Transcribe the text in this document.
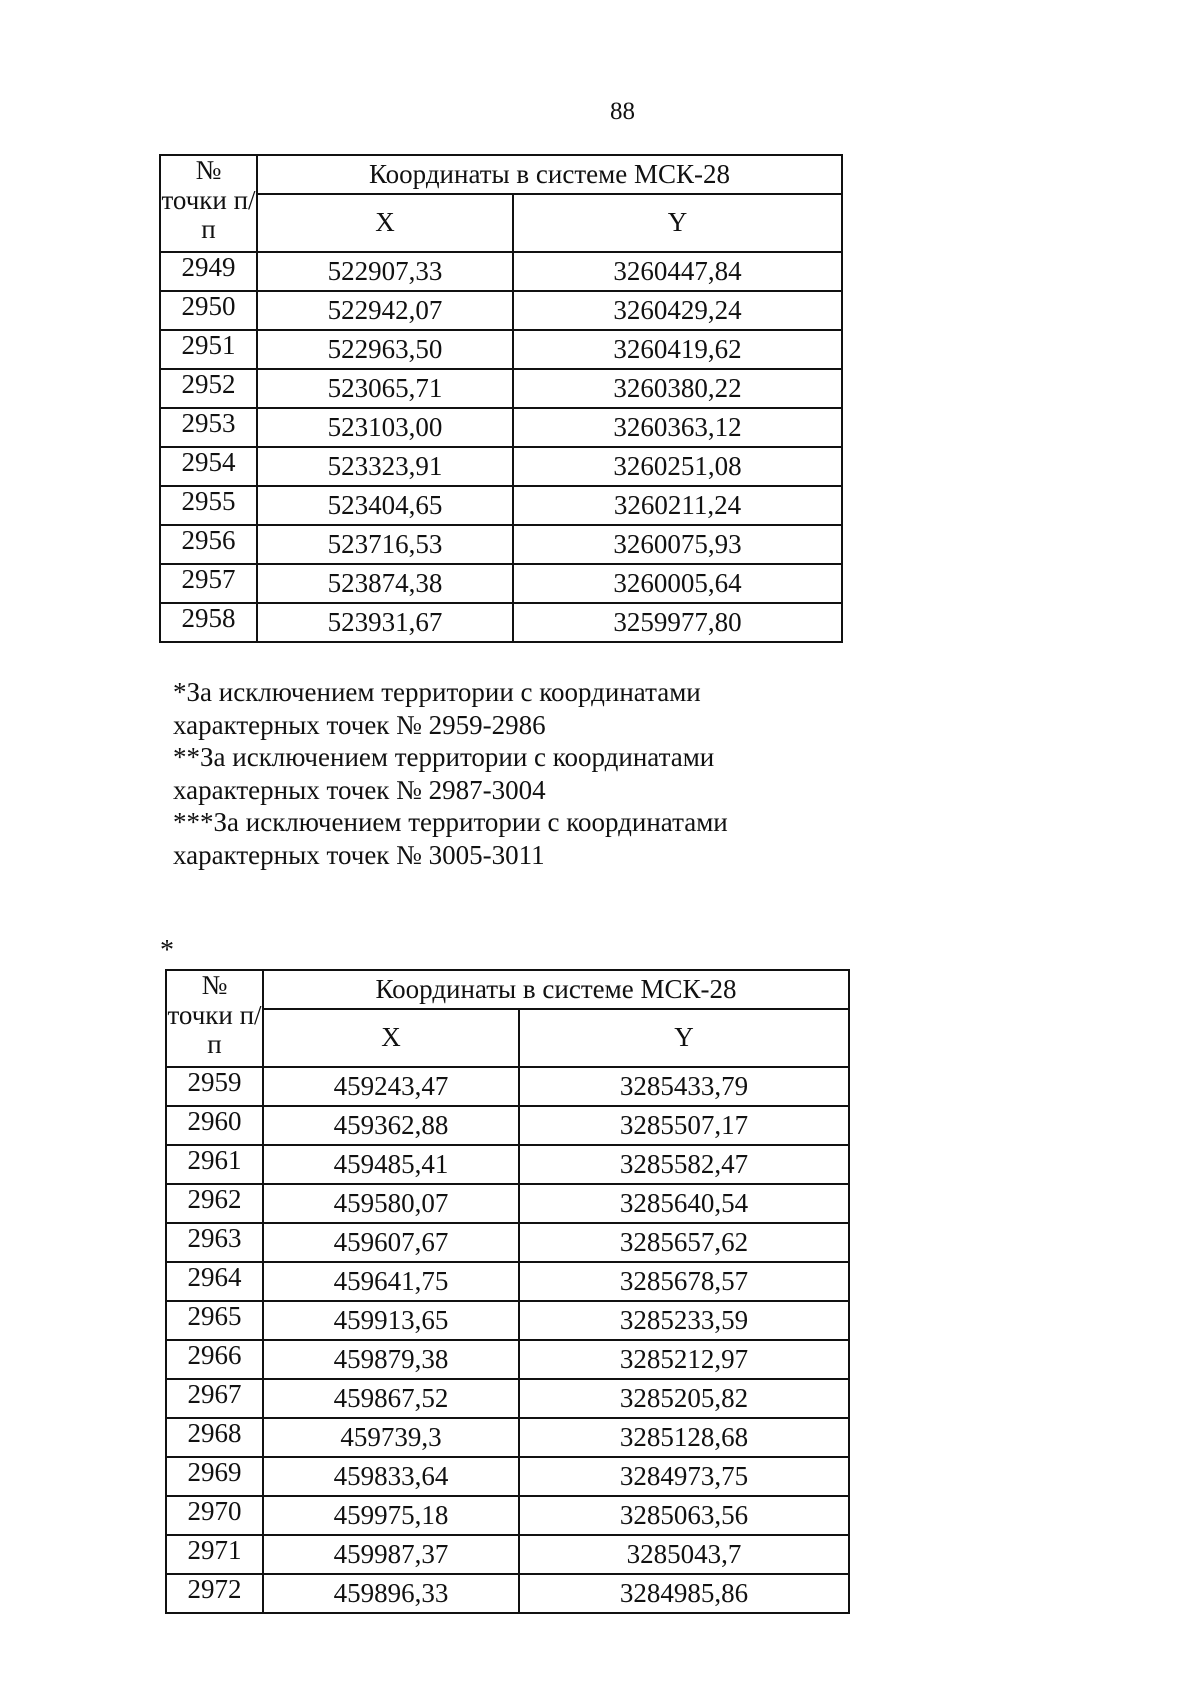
88
№ точки п/п	Координаты в системе МСК-28	
	X	Y
2949	522907,33	3260447,84
2950	522942,07	3260429,24
2951	522963,50	3260419,62
2952	523065,71	3260380,22
2953	523103,00	3260363,12
2954	523323,91	3260251,08
2955	523404,65	3260211,24
2956	523716,53	3260075,93
2957	523874,38	3260005,64
2958	523931,67	3259977,80
*За исключением территории с координатами
характерных точек № 2959-2986
**За исключением территории с координатами
характерных точек № 2987-3004
***За исключением территории с координатами
характерных точек № 3005-3011
*
№ точки п/п	Координаты в системе МСК-28	
	X	Y
2959	459243,47	3285433,79
2960	459362,88	3285507,17
2961	459485,41	3285582,47
2962	459580,07	3285640,54
2963	459607,67	3285657,62
2964	459641,75	3285678,57
2965	459913,65	3285233,59
2966	459879,38	3285212,97
2967	459867,52	3285205,82
2968	459739,3	3285128,68
2969	459833,64	3284973,75
2970	459975,18	3285063,56
2971	459987,37	3285043,7
2972	459896,33	3284985,86
